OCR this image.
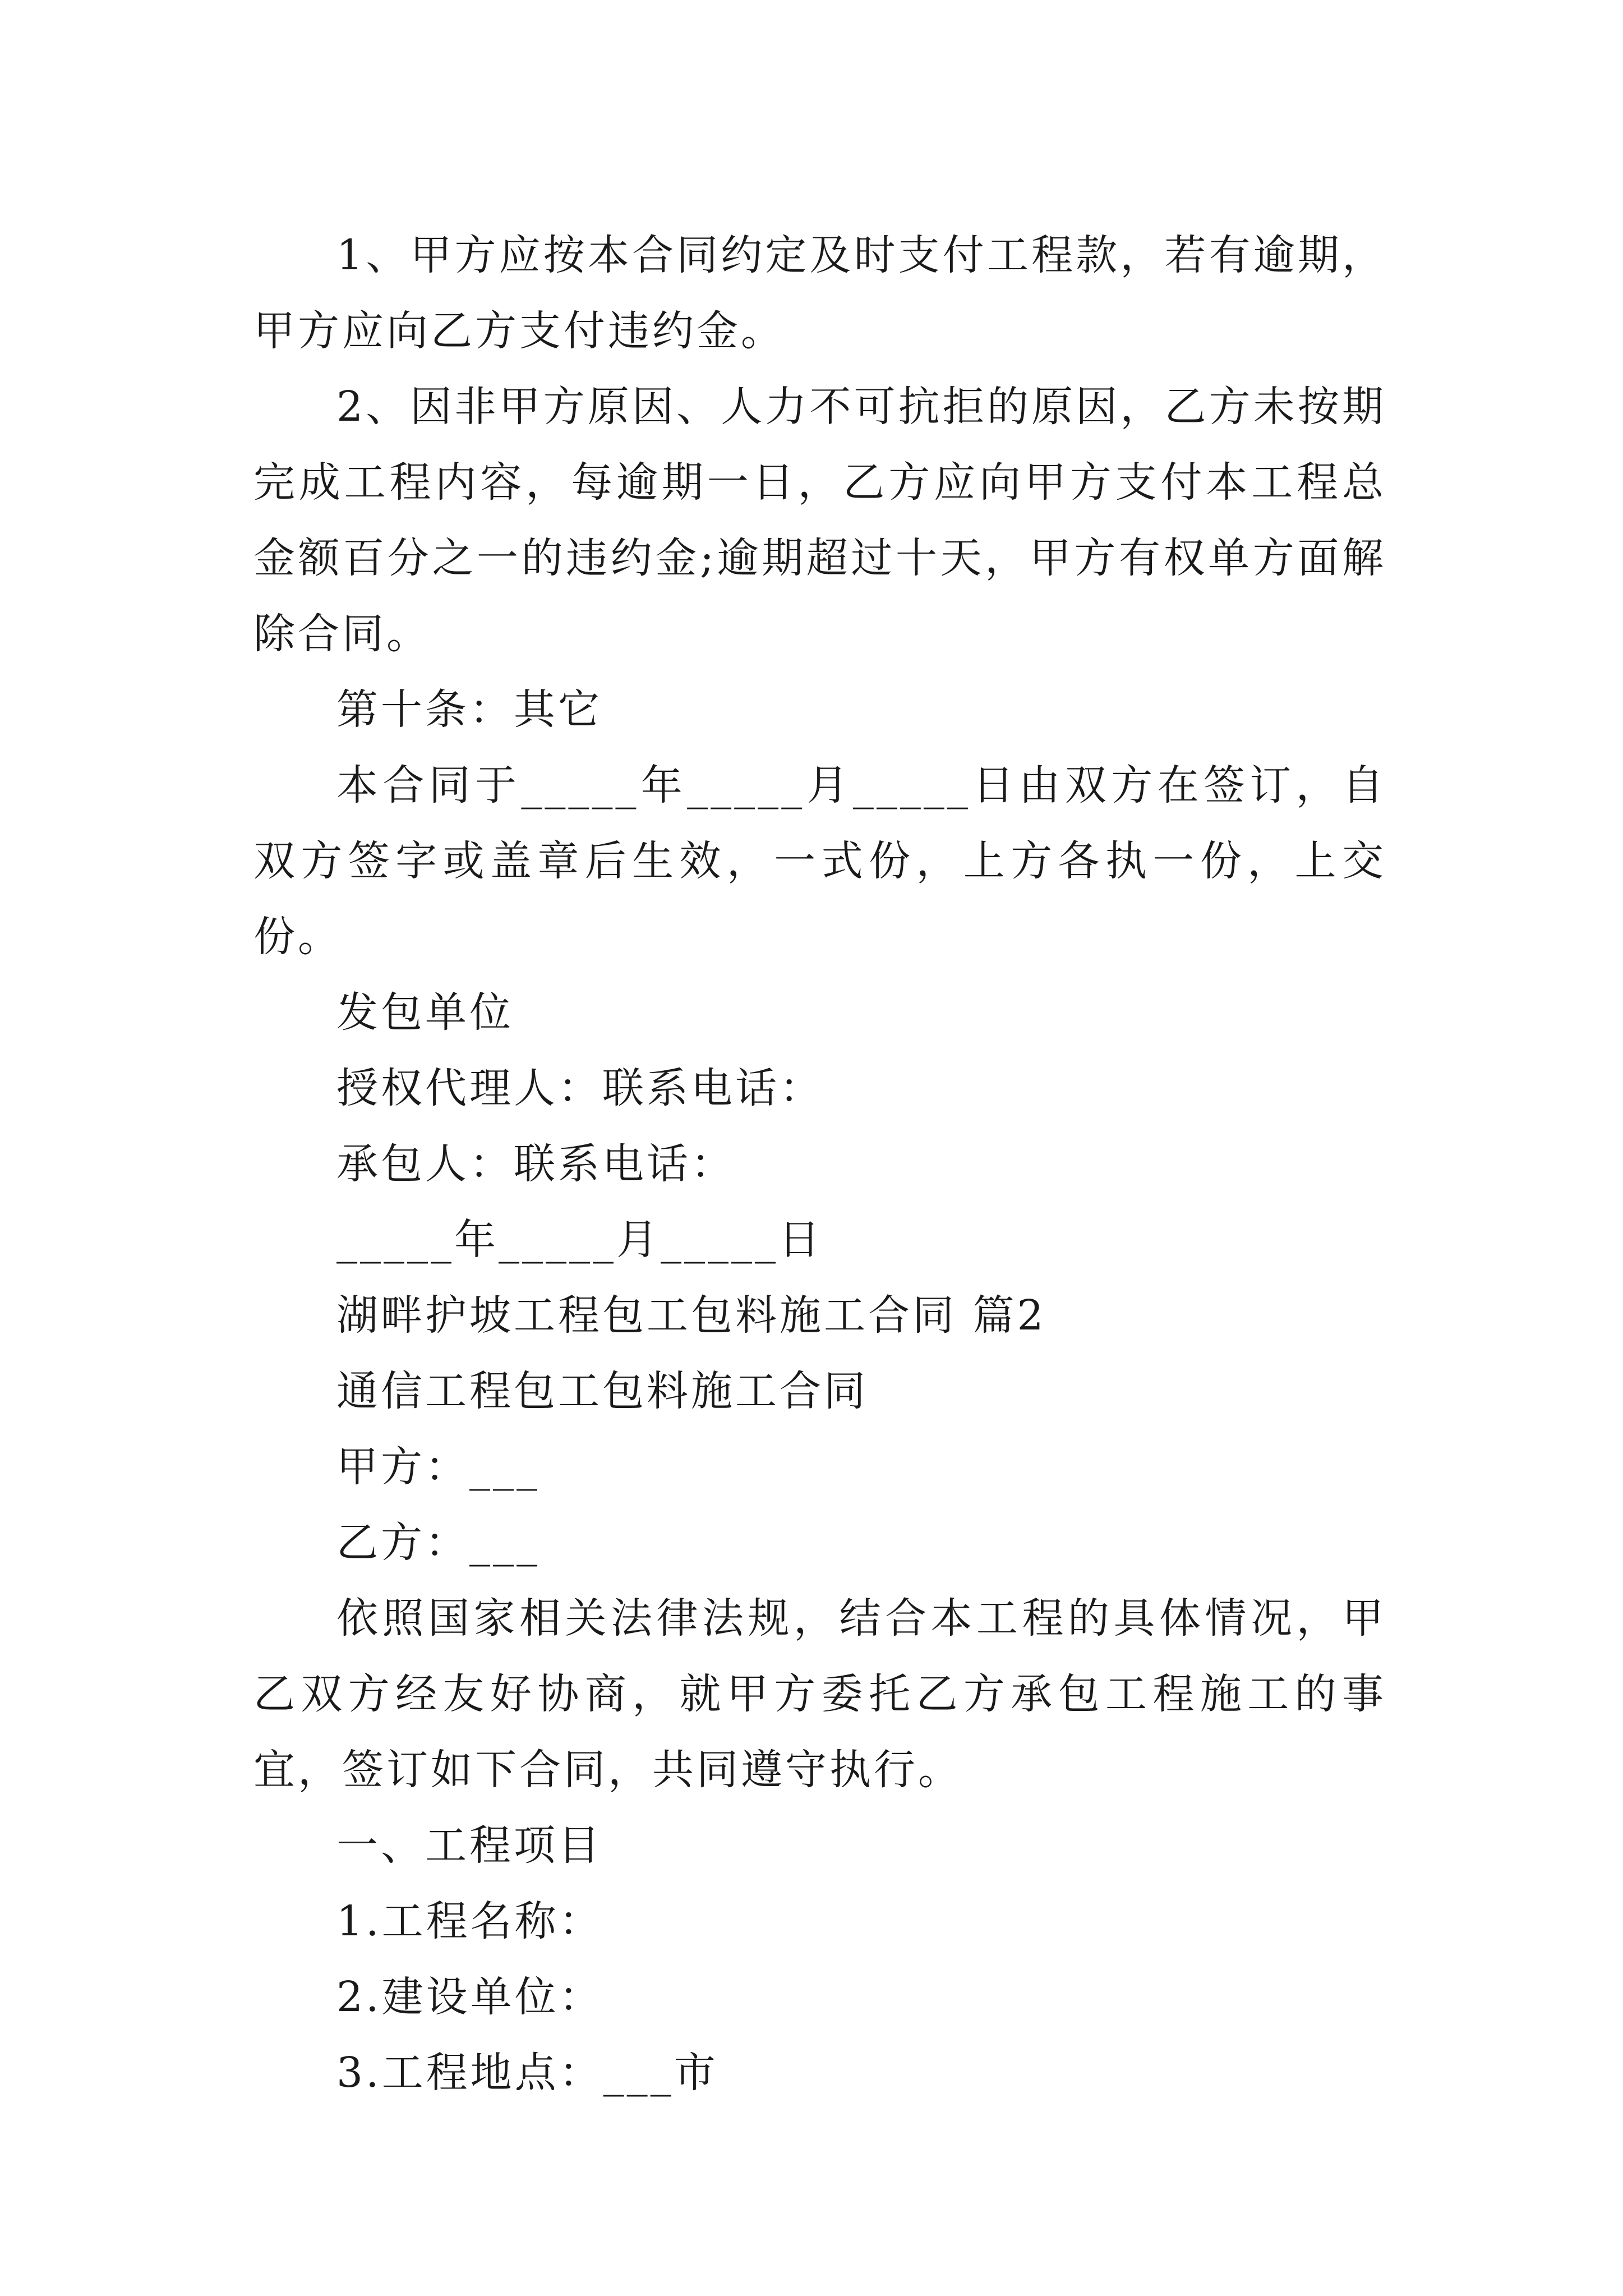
1、甲方应按本合同约定及时支付工程款，若有逾期，甲方应向乙方支付违约金。

2、因非甲方原因、人力不可抗拒的原因，乙方未按期完成工程内容，每逾期一日，乙方应向甲方支付本工程总金额百分之一的违约金;逾期超过十天，甲方有权单方面解除合同。

第十条：其它

本合同于_____年_____月_____日由双方在签订，自双方签字或盖章后生效，一式份，上方各执一份，上交份。

发包单位

授权代理人：联系电话：

承包人：联系电话：

_____年_____月_____日

湖畔护坡工程包工包料施工合同 篇2

通信工程包工包料施工合同

甲方：___

乙方：___

依照国家相关法律法规，结合本工程的具体情况，甲乙双方经友好协商，就甲方委托乙方承包工程施工的事宜，签订如下合同，共同遵守执行。

一、工程项目

1.工程名称：

2.建设单位：

3.工程地点：___市
